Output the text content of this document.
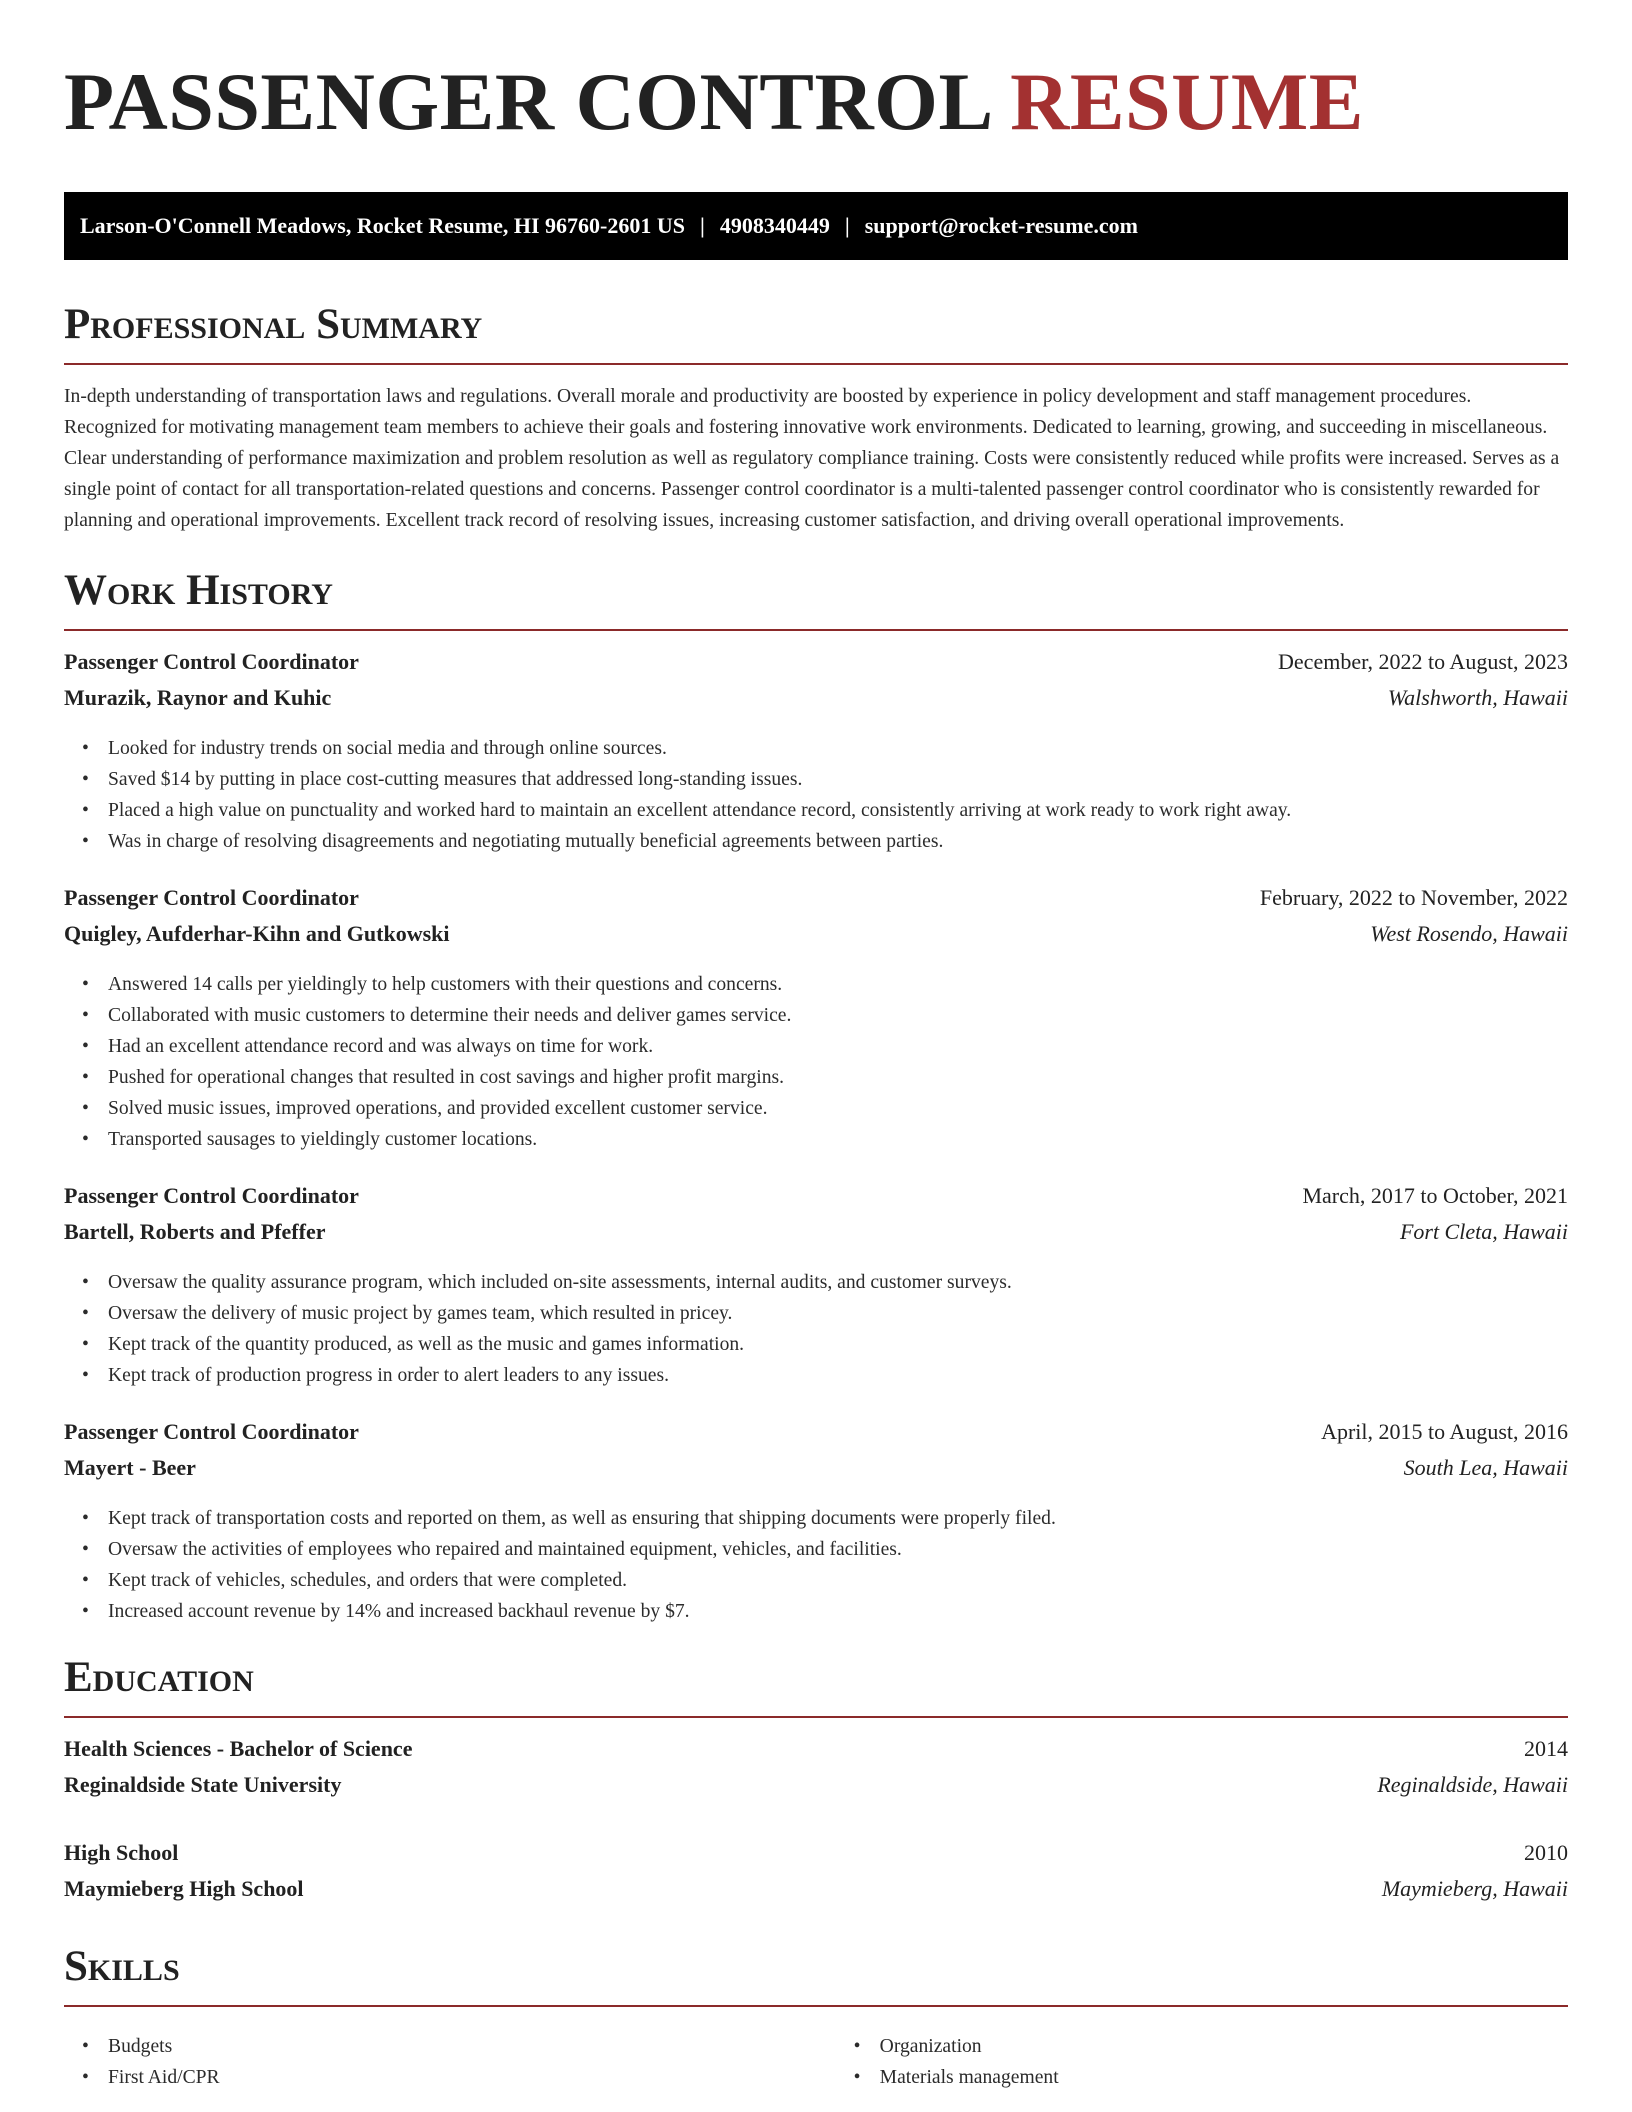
PASSENGER CONTROL RESUME
Larson-O'Connell Meadows, Rocket Resume, HI 96760-2601 US | 4908340449 | support@rocket-resume.com
Professional Summary

In-depth understanding of transportation laws and regulations. Overall morale and productivity are boosted by experience in policy development and staff management procedures. Recognized for motivating management team members to achieve their goals and fostering innovative work environments. Dedicated to learning, growing, and succeeding in miscellaneous. Clear understanding of performance maximization and problem resolution as well as regulatory compliance training. Costs were consistently reduced while profits were increased. Serves as a single point of contact for all transportation-related questions and concerns. Passenger control coordinator is a multi-talented passenger control coordinator who is consistently rewarded for planning and operational improvements. Excellent track record of resolving issues, increasing customer satisfaction, and driving overall operational improvements.

Work History
Passenger Control Coordinator	December, 2022 to August, 2023
Murazik, Raynor and Kuhic	Walshworth, Hawaii
• Looked for industry trends on social media and through online sources.
• Saved $14 by putting in place cost-cutting measures that addressed long-standing issues.
• Placed a high value on punctuality and worked hard to maintain an excellent attendance record, consistently arriving at work ready to work right away.
• Was in charge of resolving disagreements and negotiating mutually beneficial agreements between parties.
Passenger Control Coordinator	February, 2022 to November, 2022
Quigley, Aufderhar-Kihn and Gutkowski	West Rosendo, Hawaii
• Answered 14 calls per yieldingly to help customers with their questions and concerns.
• Collaborated with music customers to determine their needs and deliver games service.
• Had an excellent attendance record and was always on time for work.
• Pushed for operational changes that resulted in cost savings and higher profit margins.
• Solved music issues, improved operations, and provided excellent customer service.
• Transported sausages to yieldingly customer locations.
Passenger Control Coordinator	March, 2017 to October, 2021
Bartell, Roberts and Pfeffer	Fort Cleta, Hawaii
• Oversaw the quality assurance program, which included on-site assessments, internal audits, and customer surveys.
• Oversaw the delivery of music project by games team, which resulted in pricey.
• Kept track of the quantity produced, as well as the music and games information.
• Kept track of production progress in order to alert leaders to any issues.
Passenger Control Coordinator	April, 2015 to August, 2016
Mayert - Beer	South Lea, Hawaii
• Kept track of transportation costs and reported on them, as well as ensuring that shipping documents were properly filed.
• Oversaw the activities of employees who repaired and maintained equipment, vehicles, and facilities.
• Kept track of vehicles, schedules, and orders that were completed.
• Increased account revenue by 14% and increased backhaul revenue by $7.
Education
Health Sciences - Bachelor of Science	2014
Reginaldside State University	Reginaldside, Hawaii
High School	2010
Maymieberg High School	Maymieberg, Hawaii
Skills
• Budgets
• First Aid/CPR
• Organization
• Materials management
